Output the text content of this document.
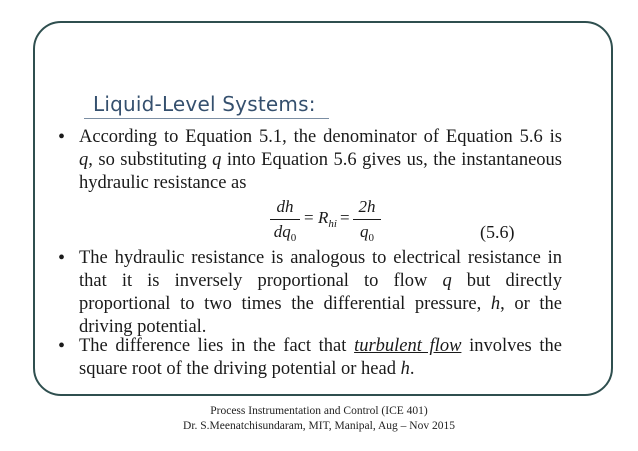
Liquid-Level Systems:
• According to Equation 5.1, the denominator of Equation 5.6 is
q, so substituting q into Equation 5.6 gives us, the instantaneous
hydraulic resistance as
dh
$dq_0$
= $R_{hi}$ =
2h
$q_0$	(5.6)
• The hydraulic resistance is analogous to electrical resistance in
that it is inversely proportional to flow q but directly
proportional to two times the differential pressure, h, or the
driving potential.
• The difference lies in the fact that turbulent flow involves the
square root of the driving potential or head h.
Process Instrumentation and Control (ICE 401)
Dr. S.Meenatchisundaram, MIT, Manipal, Aug – Nov 2015
